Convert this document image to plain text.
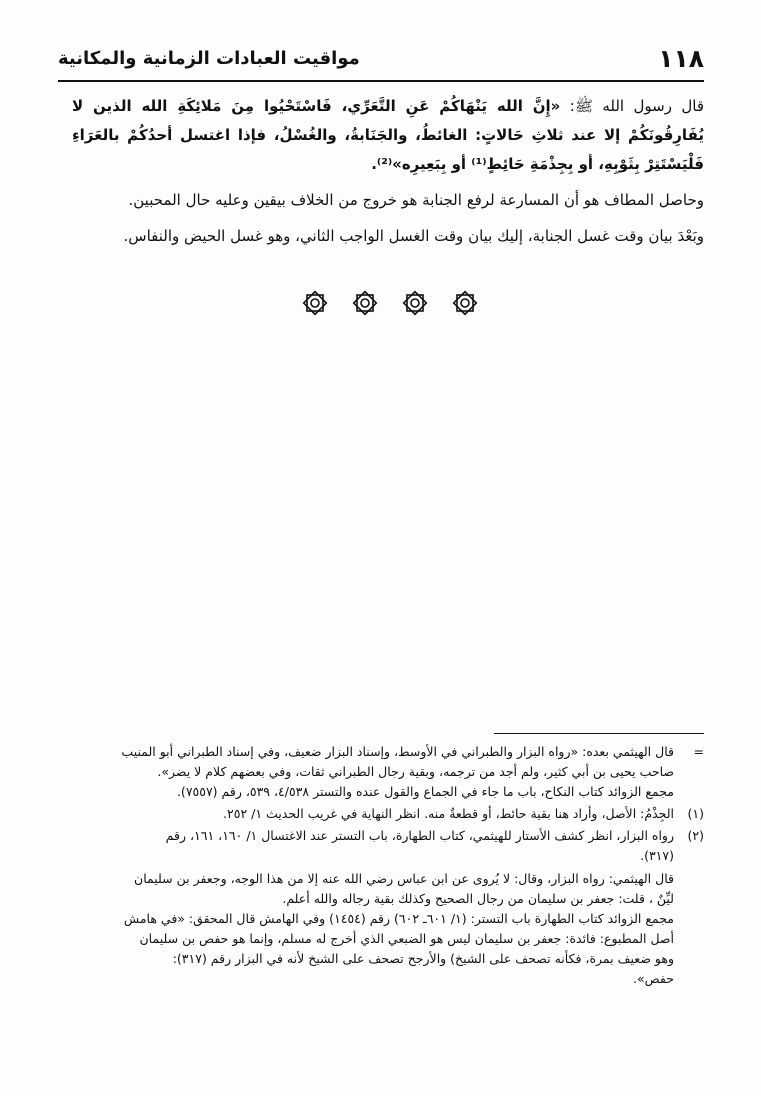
١١٨
مواقيت العبادات الزمانية والمكانية

قال رسول الله ﷺ: «إِنَّ الله يَنْهَاكُمْ عَنِ التَّعَرِّي، فَاسْتَحْيُوا مِنَ مَلائِكَةِ الله الذين لا يُفَارِقُونَكُمْ إلا عند ثلاثِ حَالاتٍ: الغائطُ، والجَنَابةُ، والغُسْلُ، فإذا اغتسل أحدُكُمْ بالعَرَاءِ فَلْيَسْتَتِرْ بِثَوْبِهِ، أو بِجِذْمَةِ حَائِطٍ⁽¹⁾ أو بِبَعِيرِه»⁽²⁾.

وحاصل المطاف هو أن المسارعة لرفع الجنابة هو خروج من الخلاف بيقين وعليه حال المحبين.

وبَعْدَ بيان وقت غسل الجنابة، إليك بيان وقت الغسل الواجب الثاني، وهو غسل الحيض والنفاس.

=
قال الهيثمي بعده: «رواه البزار والطبراني في الأوسط، وإسناد البزار ضعيف، وفي إسناد الطبراني أبو المنيب
صاحب يحيى بن أبي كثير، ولم أجد من ترجمه، وبقية رجال الطبراني ثقات، وفي بعضهم كلام لا يضر».
مجمع الزوائد كتاب النكاح، باب ما جاء في الجماع والقول عنده والتستر ٤/٥٣٨، ٥٣٩، رقم (٧٥٥٧).
(١)
الجِذْمُ: الأصل، وأراد هنا بقية حائط، أو قطعةٌ منه. انظر النهاية في غريب الحديث ١/ ٢٥٢.
(٢)
رواه البزار، انظر كشف الأستار للهيثمي، كتاب الطهارة، باب التستر عند الاغتسال ١/ ١٦٠، ١٦١، رقم
(٣١٧).
قال الهيثمي: رواه البزار، وقال: لا يُروى عن ابن عباس رضي الله عنه إلا من هذا الوجه، وجعفر بن سليمان
ليِّنٌ ، قلت: جعفر بن سليمان من رجال الصحيح وكذلك بقية رجاله والله أعلم.
مجمع الزوائد كتاب الطهارة باب التستر: (١/ ٦٠١ـ ٦٠٢) رقم (١٤٥٤) وفي الهامش قال المحقق: «في هامش
أصل المطبوع: فائدة: جعفر بن سليمان ليس هو الضبعي الذي أخرج له مسلم، وإنما هو حفص بن سليمان
وهو ضعيف بمرة، فكأنه تصحف على الشيخ) والأرجح تصحف على الشيخ لأنه في البزار رقم (٣١٧):
حفص».
